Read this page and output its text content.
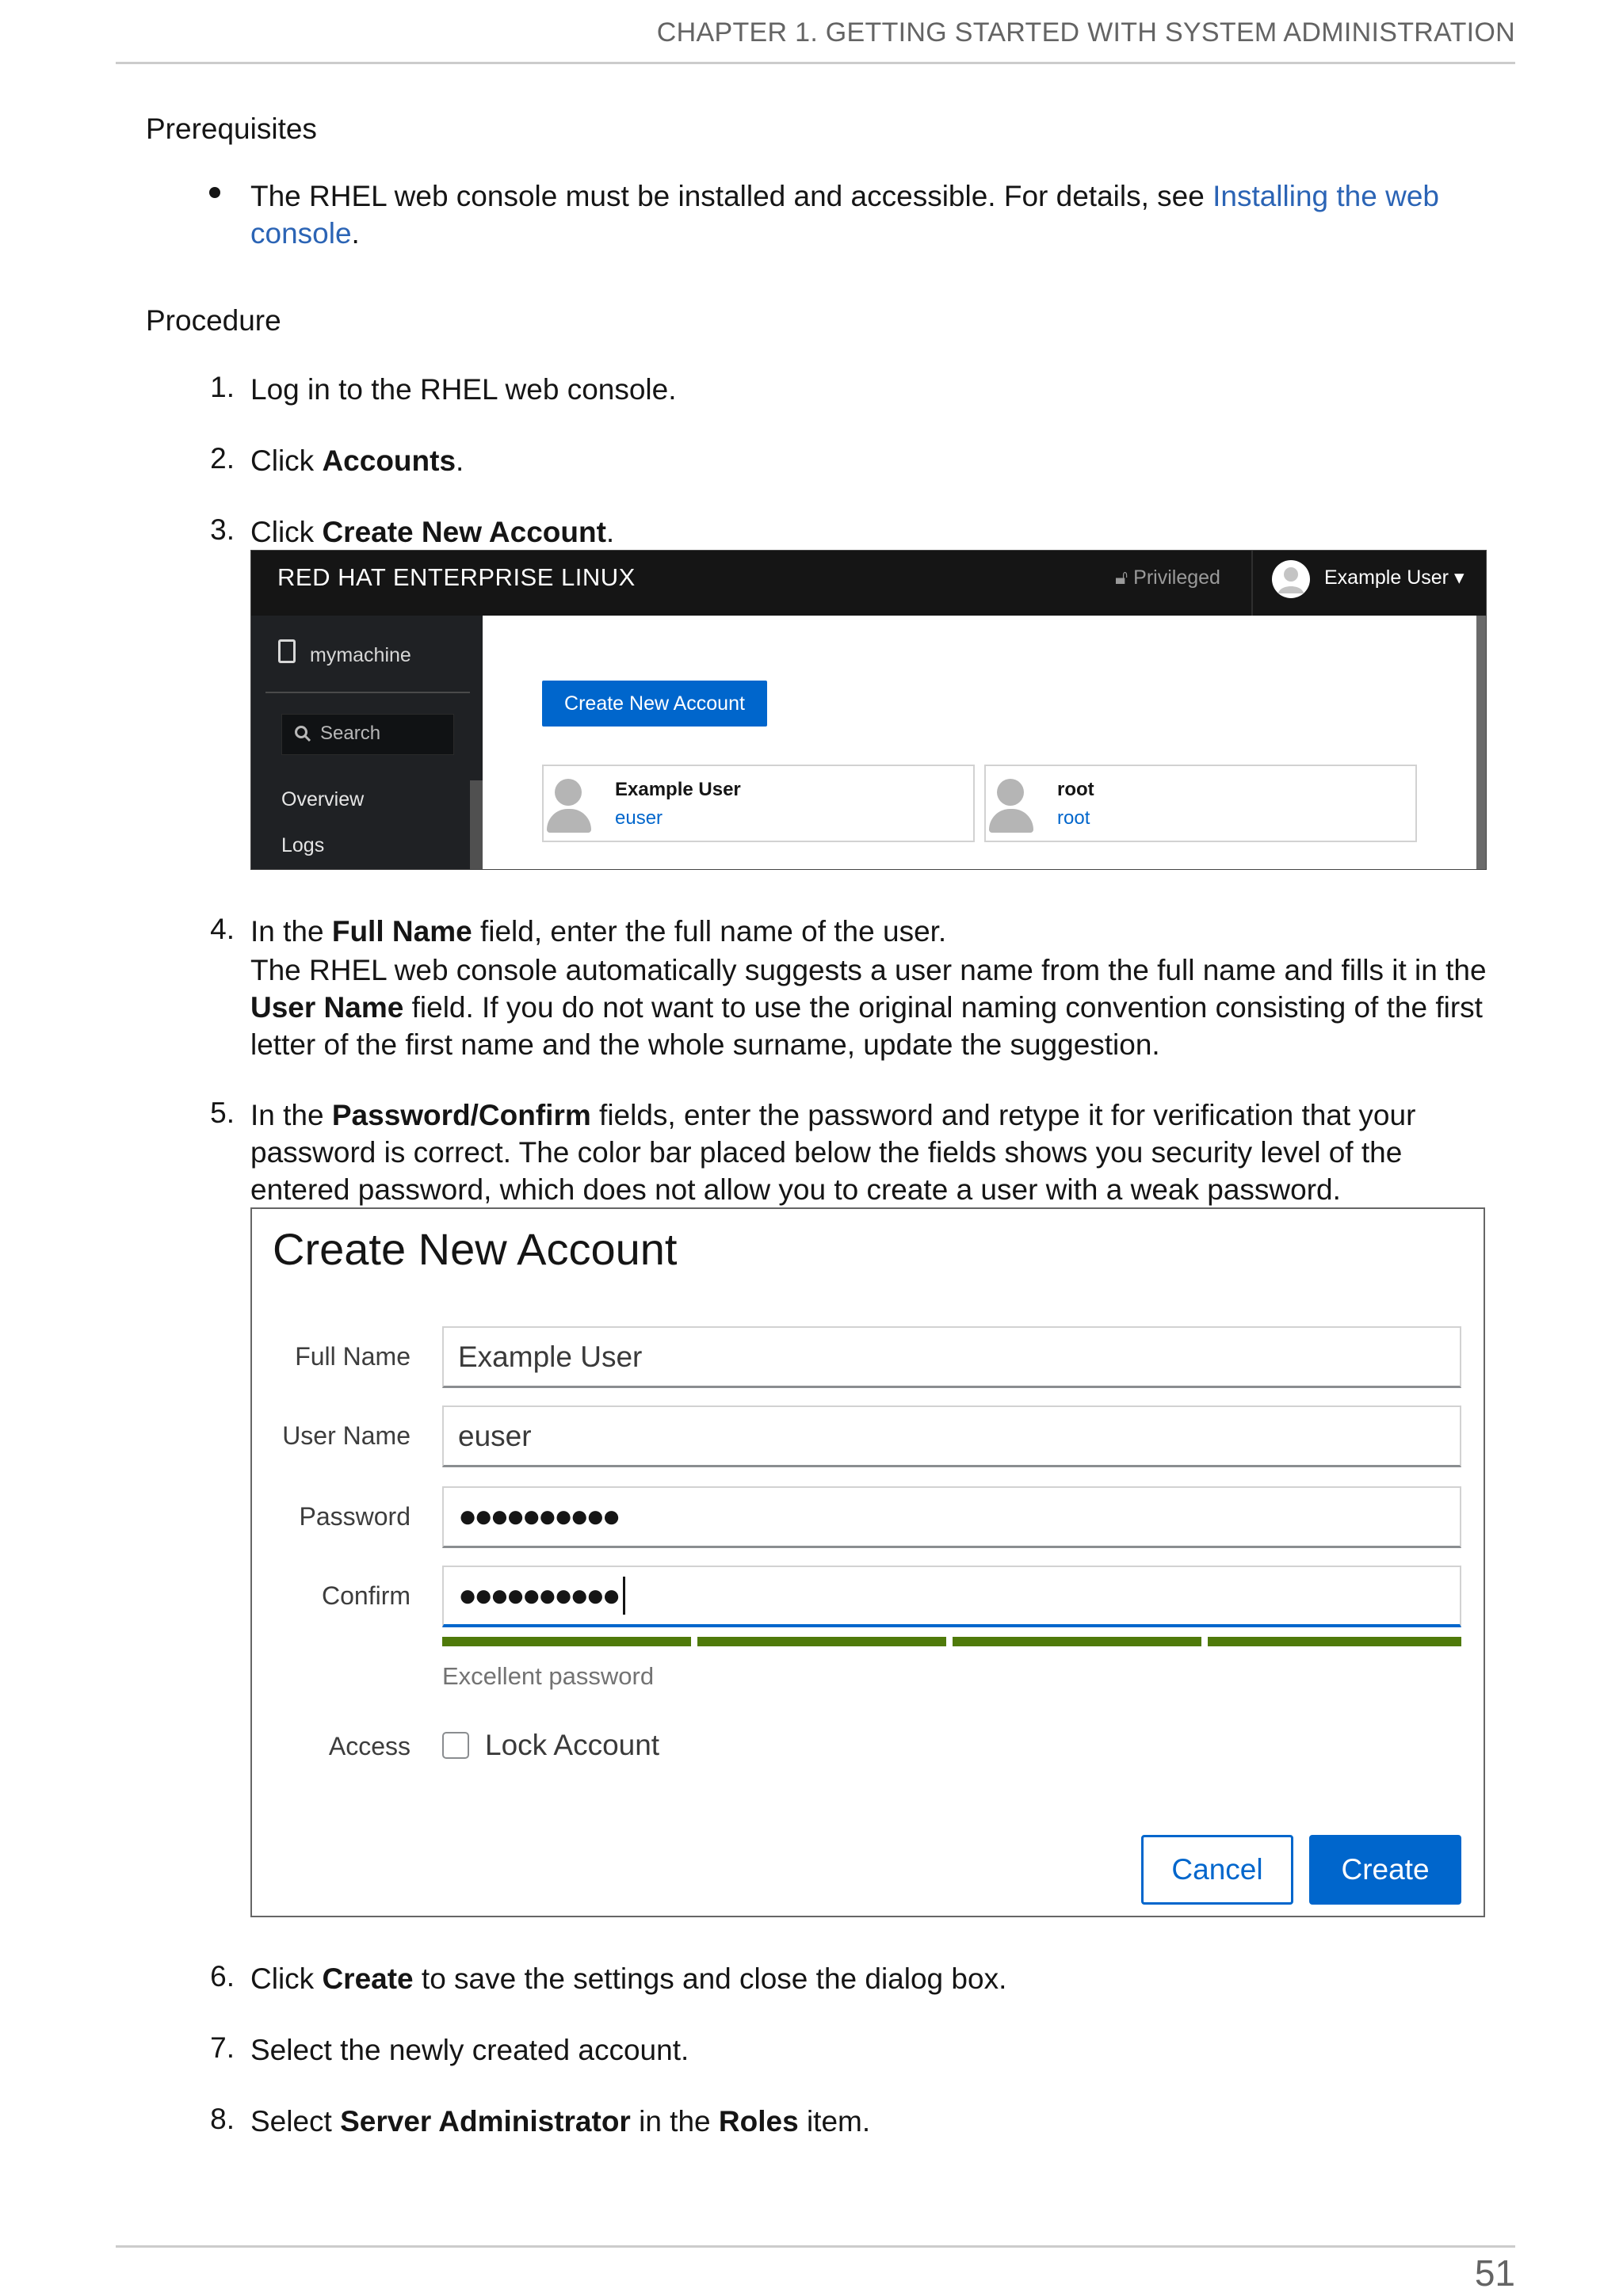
CHAPTER 1. GETTING STARTED WITH SYSTEM ADMINISTRATION
Prerequisites
The RHEL web console must be installed and accessible. For details, see Installing the web
console.
Procedure
1. Log in to the RHEL web console.
2. Click Accounts.
3. Click Create New Account.
RED HAT ENTERPRISE LINUX	🔓︎ Privileged	Example User ▾
mymachine
Search
Overview
Logs
Create New Account
Example User
euser
root
root
4. In the Full Name field, enter the full name of the user.
The RHEL web console automatically suggests a user name from the full name and fills it in the
User Name field. If you do not want to use the original naming convention consisting of the first
letter of the first name and the whole surname, update the suggestion.
5. In the Password/Confirm fields, enter the password and retype it for verification that your
password is correct. The color bar placed below the fields shows you security level of the
entered password, which does not allow you to create a user with a weak password.
Create New Account
Full Name Example User
User Name euser
Password ●●●●●●●●●●
Confirm ●●●●●●●●●●
Excellent password
Access	Lock Account
Cancel	Create
6. Click Create to save the settings and close the dialog box.
7. Select the newly created account.
8. Select Server Administrator in the Roles item.
51
